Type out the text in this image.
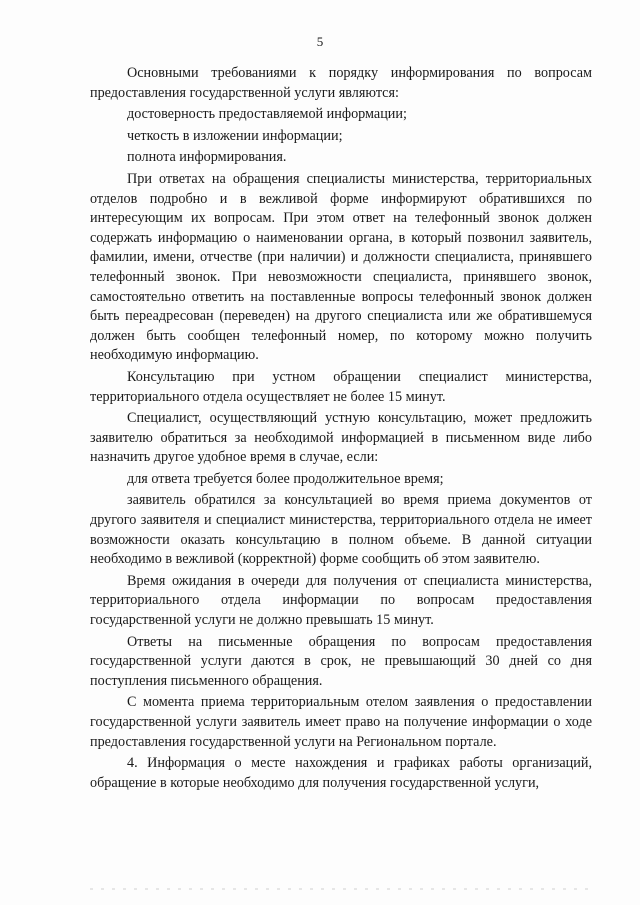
5

Основными требованиями к порядку информирования по вопросам предоставления государственной услуги являются:

достоверность предоставляемой информации;

четкость в изложении информации;

полнота информирования.

При ответах на обращения специалисты министерства, территориальных отделов подробно и в вежливой форме информируют обратившихся по интересующим их вопросам. При этом ответ на телефонный звонок должен содержать информацию о наименовании органа, в который позвонил заявитель, фамилии, имени, отчестве (при наличии) и должности специалиста, принявшего телефонный звонок. При невозможности специалиста, принявшего звонок, самостоятельно ответить на поставленные вопросы телефонный звонок должен быть переадресован (переведен) на другого специалиста или же обратившемуся должен быть сообщен телефонный номер, по которому можно получить необходимую информацию.

Консультацию при устном обращении специалист министерства, территориального отдела осуществляет не более 15 минут.

Специалист, осуществляющий устную консультацию, может предложить заявителю обратиться за необходимой информацией в письменном виде либо назначить другое удобное время в случае, если:

для ответа требуется более продолжительное время;

заявитель обратился за консультацией во время приема документов от другого заявителя и специалист министерства, территориального отдела не имеет возможности оказать консультацию в полном объеме. В данной ситуации необходимо в вежливой (корректной) форме сообщить об этом заявителю.

Время ожидания в очереди для получения от специалиста министерства, территориального отдела информации по вопросам предоставления государственной услуги не должно превышать 15 минут.

Ответы на письменные обращения по вопросам предоставления государственной услуги даются в срок, не превышающий 30 дней со дня поступления письменного обращения.

С момента приема территориальным отелом заявления о предоставлении государственной услуги заявитель имеет право на получение информации о ходе предоставления государственной услуги на Региональном портале.

4. Информация о месте нахождения и графиках работы организаций, обращение в которые необходимо для получения государственной услуги,
